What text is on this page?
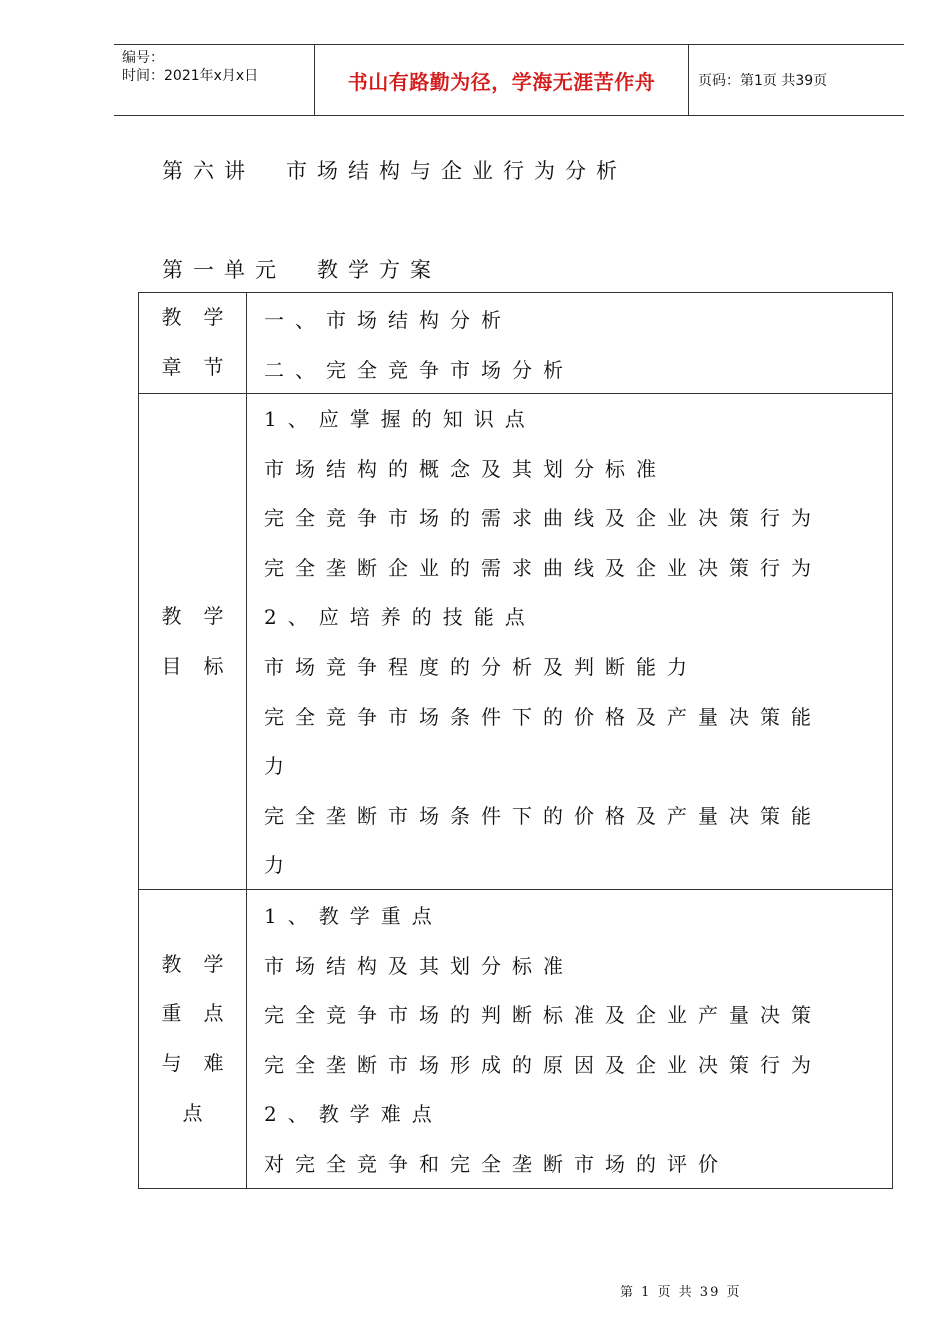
编号：
时间：2021年x月x日	书山有路勤为径，学海无涯苦作舟	页码：第1页 共39页
第六讲　市场结构与企业行为分析
第一单元　教学方案
教学
章节
一、市场结构分析
二、完全竞争市场分析
教学
目标
1、应掌握的知识点
市场结构的概念及其划分标准
完全竞争市场的需求曲线及企业决策行为
完全垄断企业的需求曲线及企业决策行为
2、应培养的技能点
市场竞争程度的分析及判断能力
完全竞争市场条件下的价格及产量决策能
力
完全垄断市场条件下的价格及产量决策能
力
教学
重点
与难
点
1、教学重点
市场结构及其划分标准
完全竞争市场的判断标准及企业产量决策
完全垄断市场形成的原因及企业决策行为
2、教学难点
对完全竞争和完全垄断市场的评价
第 1 页 共 39 页
